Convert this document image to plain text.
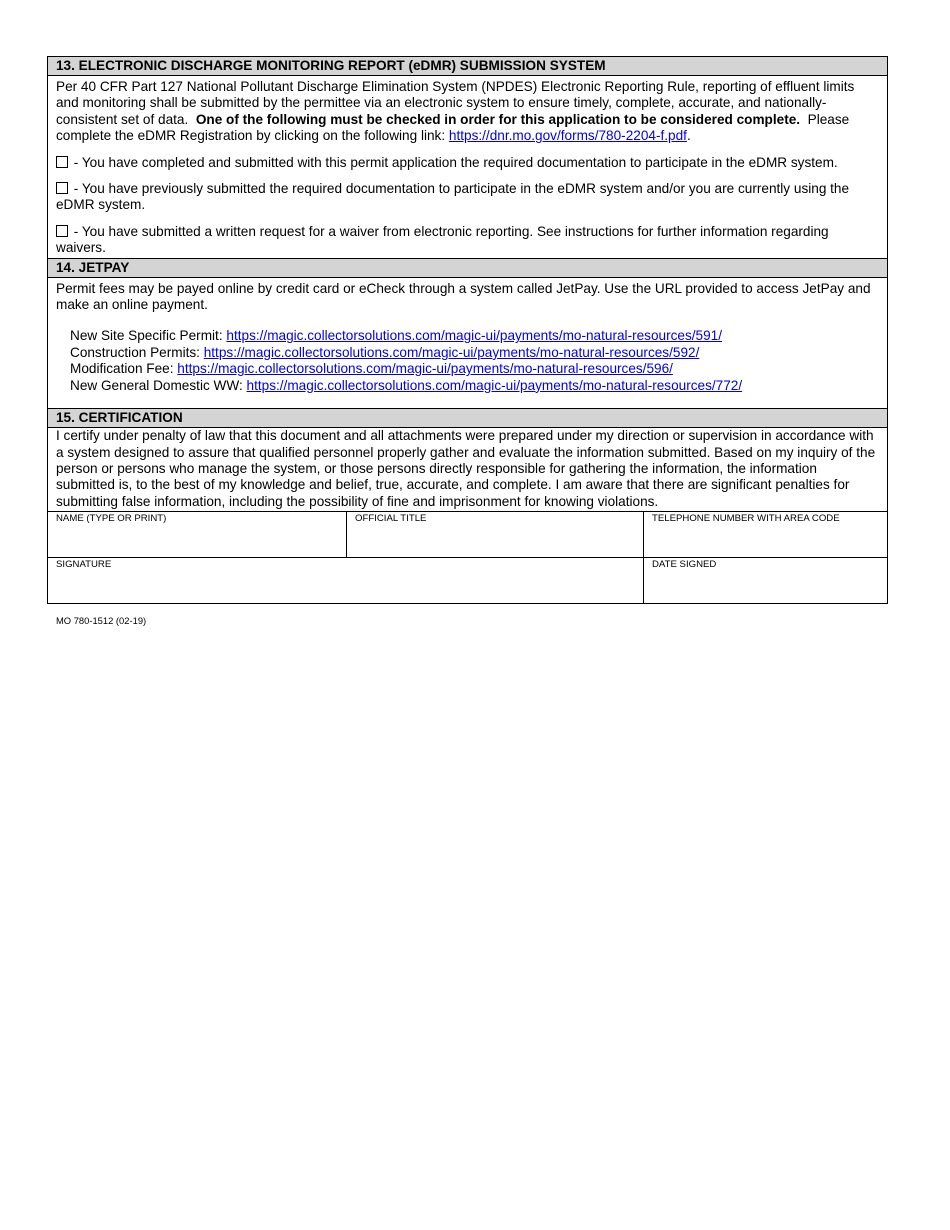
13. ELECTRONIC DISCHARGE MONITORING REPORT (eDMR) SUBMISSION SYSTEM

Per 40 CFR Part 127 National Pollutant Discharge Elimination System (NPDES) Electronic Reporting Rule, reporting of effluent limits and monitoring shall be submitted by the permittee via an electronic system to ensure timely, complete, accurate, and nationally-consistent set of data. One of the following must be checked in order for this application to be considered complete. Please complete the eDMR Registration by clicking on the following link: https://dnr.mo.gov/forms/780-2204-f.pdf.

- You have completed and submitted with this permit application the required documentation to participate in the eDMR system.

- You have previously submitted the required documentation to participate in the eDMR system and/or you are currently using the eDMR system.

- You have submitted a written request for a waiver from electronic reporting. See instructions for further information regarding waivers.

14. JETPAY

Permit fees may be payed online by credit card or eCheck through a system called JetPay. Use the URL provided to access JetPay and make an online payment.

New Site Specific Permit: https://magic.collectorsolutions.com/magic-ui/payments/mo-natural-resources/591/
Construction Permits: https://magic.collectorsolutions.com/magic-ui/payments/mo-natural-resources/592/
Modification Fee: https://magic.collectorsolutions.com/magic-ui/payments/mo-natural-resources/596/
New General Domestic WW: https://magic.collectorsolutions.com/magic-ui/payments/mo-natural-resources/772/
15. CERTIFICATION

I certify under penalty of law that this document and all attachments were prepared under my direction or supervision in accordance with a system designed to assure that qualified personnel properly gather and evaluate the information submitted. Based on my inquiry of the person or persons who manage the system, or those persons directly responsible for gathering the information, the information submitted is, to the best of my knowledge and belief, true, accurate, and complete. I am aware that there are significant penalties for submitting false information, including the possibility of fine and imprisonment for knowing violations.

NAME (TYPE OR PRINT)	OFFICIAL TITLE	TELEPHONE NUMBER WITH AREA CODE
SIGNATURE	DATE SIGNED
MO 780-1512 (02-19)
